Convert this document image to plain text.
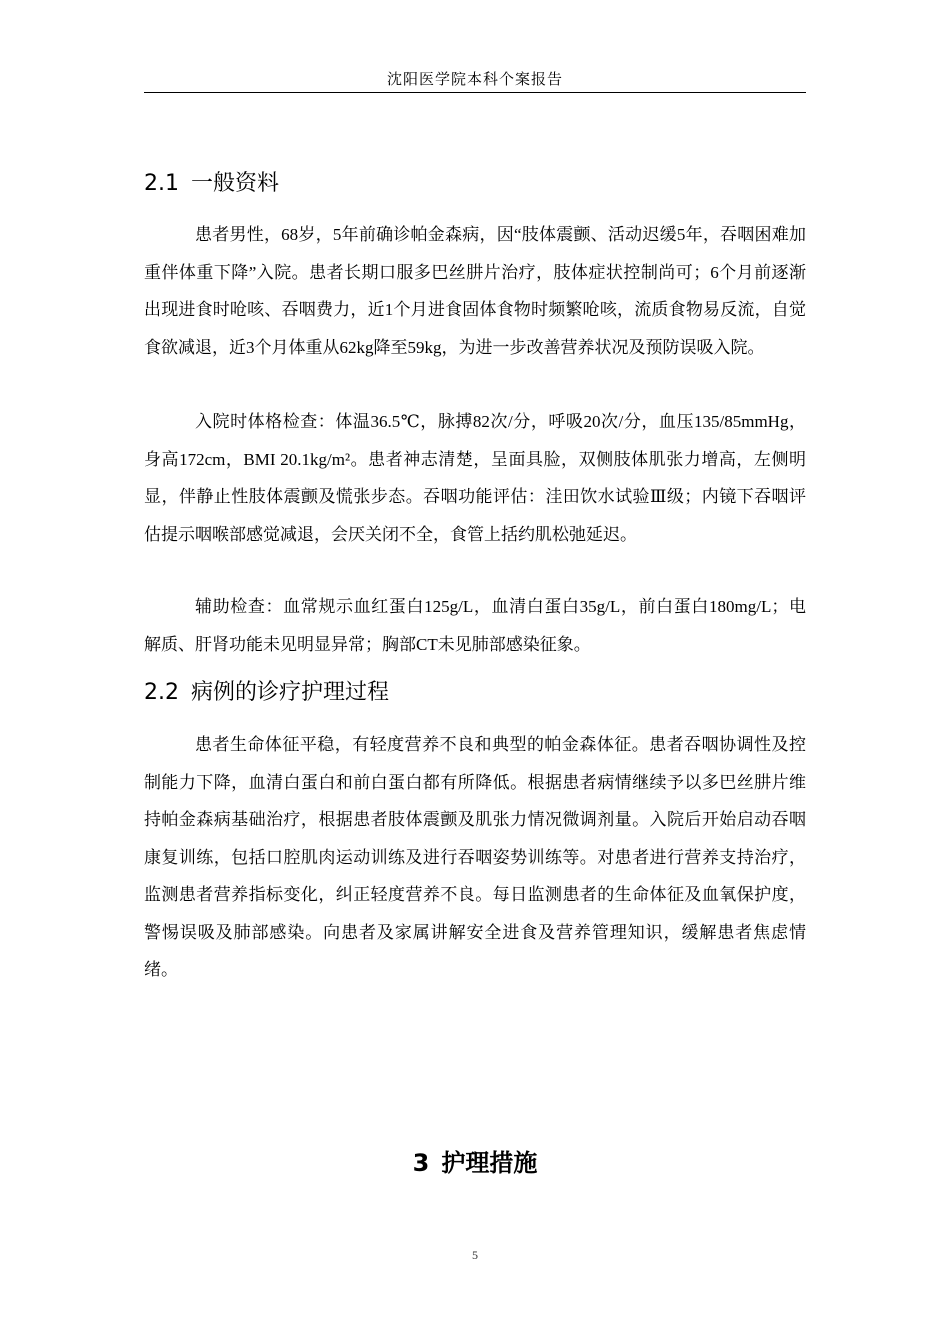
沈阳医学院本科个案报告
2.1 一般资料

患者男性，68岁，5年前确诊帕金森病，因“肢体震颤、活动迟缓5年，吞咽困难加重伴体重下降”入院。患者长期口服多巴丝肼片治疗，肢体症状控制尚可；6个月前逐渐出现进食时呛咳、吞咽费力，近1个月进食固体食物时频繁呛咳，流质食物易反流，自觉食欲减退，近3个月体重从62kg降至59kg，为进一步改善营养状况及预防误吸入院。

入院时体格检查：体温36.5℃，脉搏82次/分，呼吸20次/分，血压135/85mmHg，身高172cm，BMI 20.1kg/m²。患者神志清楚，呈面具脸，双侧肢体肌张力增高，左侧明显，伴静止性肢体震颤及慌张步态。吞咽功能评估：洼田饮水试验Ⅲ级；内镜下吞咽评估提示咽喉部感觉减退，会厌关闭不全，食管上括约肌松弛延迟。

辅助检查：血常规示血红蛋白125g/L，血清白蛋白35g/L，前白蛋白180mg/L；电解质、肝肾功能未见明显异常；胸部CT未见肺部感染征象。

2.2 病例的诊疗护理过程

患者生命体征平稳，有轻度营养不良和典型的帕金森体征。患者吞咽协调性及控制能力下降，血清白蛋白和前白蛋白都有所降低。根据患者病情继续予以多巴丝肼片维持帕金森病基础治疗，根据患者肢体震颤及肌张力情况微调剂量。入院后开始启动吞咽康复训练，包括口腔肌肉运动训练及进行吞咽姿势训练等。对患者进行营养支持治疗，监测患者营养指标变化，纠正轻度营养不良。每日监测患者的生命体征及血氧保护度，警惕误吸及肺部感染。向患者及家属讲解安全进食及营养管理知识，缓解患者焦虑情绪。

3 护理措施
5
